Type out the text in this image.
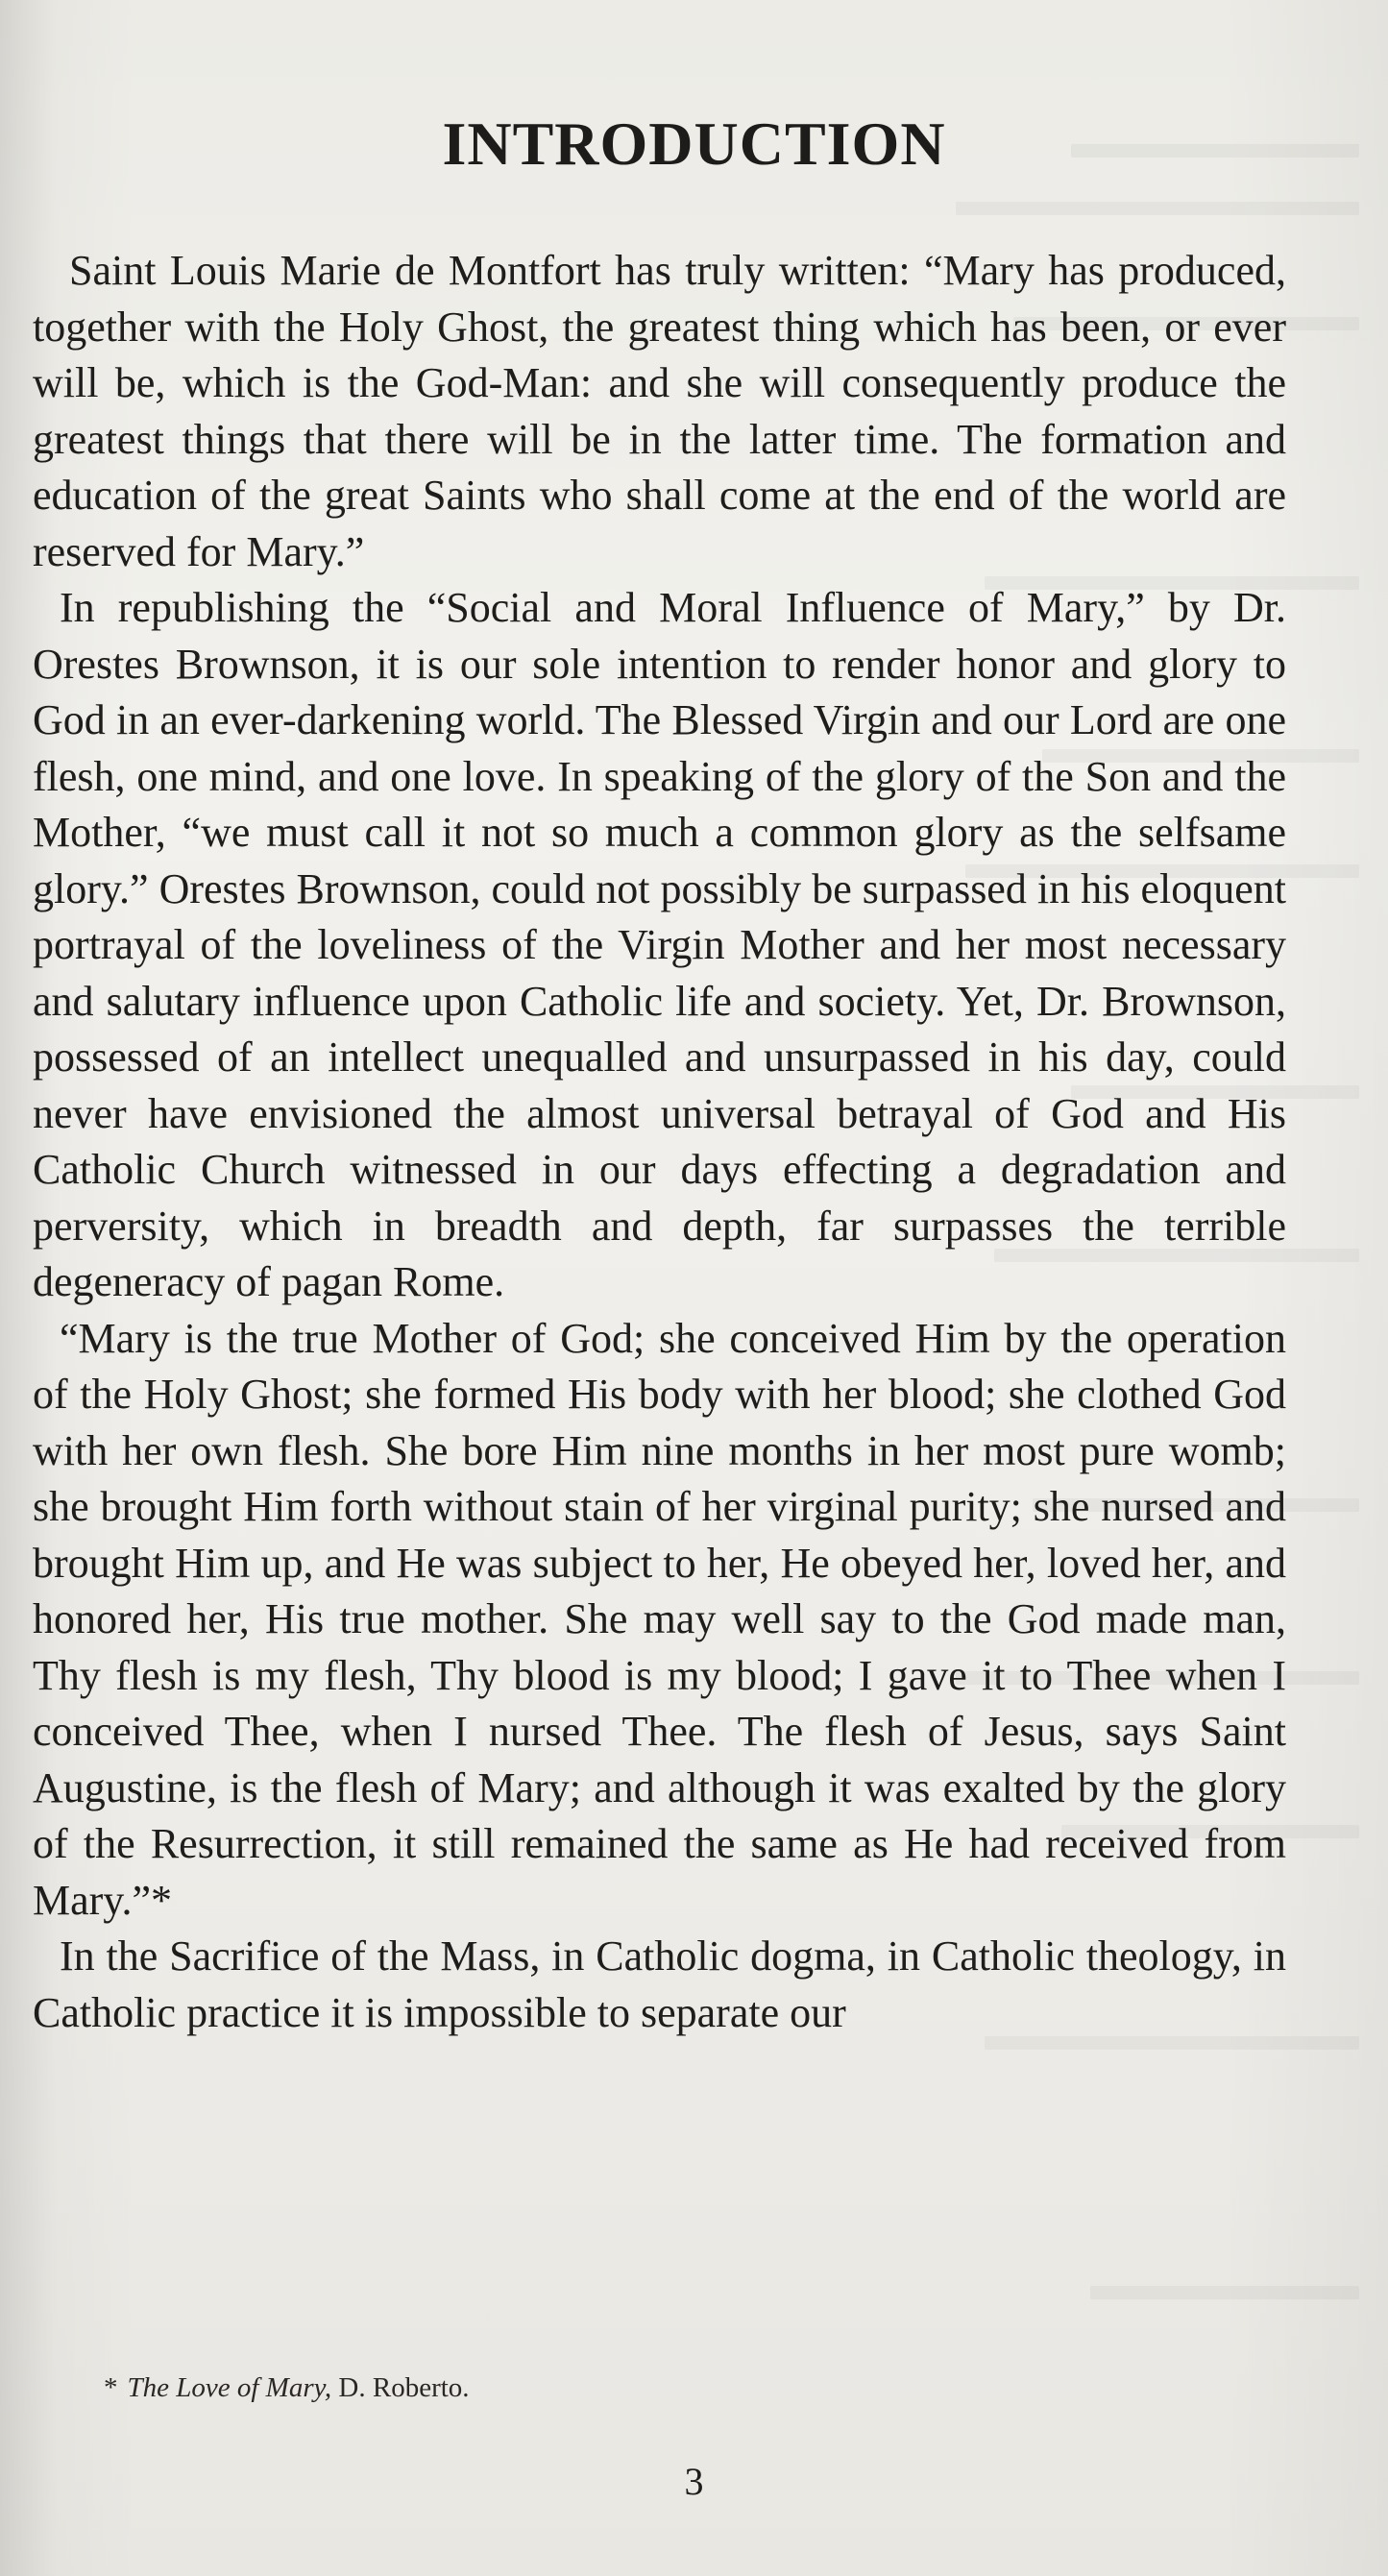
INTRODUCTION

Saint Louis Marie de Montfort has truly written: “Mary has produced, together with the Holy Ghost, the greatest thing which has been, or ever will be, which is the God-Man: and she will consequently produce the greatest things that there will be in the latter time. The formation and education of the great Saints who shall come at the end of the world are reserved for Mary.”

In republishing the “Social and Moral Influence of Mary,” by Dr. Orestes Brownson, it is our sole intention to render honor and glory to God in an ever-darkening world. The Blessed Virgin and our Lord are one flesh, one mind, and one love. In speaking of the glory of the Son and the Mother, “we must call it not so much a common glory as the selfsame glory.” Orestes Brownson, could not possibly be surpassed in his eloquent portrayal of the loveliness of the Virgin Mother and her most necessary and salutary influence upon Catholic life and society. Yet, Dr. Brownson, possessed of an intellect unequalled and unsurpassed in his day, could never have envisioned the almost universal betrayal of God and His Catholic Church witnessed in our days effecting a degradation and perversity, which in breadth and depth, far surpasses the terrible degeneracy of pagan Rome.

“Mary is the true Mother of God; she conceived Him by the operation of the Holy Ghost; she formed His body with her blood; she clothed God with her own flesh. She bore Him nine months in her most pure womb; she brought Him forth without stain of her virginal purity; she nursed and brought Him up, and He was subject to her, He obeyed her, loved her, and honored her, His true mother. She may well say to the God made man, Thy flesh is my flesh, Thy blood is my blood; I gave it to Thee when I conceived Thee, when I nursed Thee. The flesh of Jesus, says Saint Augustine, is the flesh of Mary; and although it was exalted by the glory of the Resurrection, it still remained the same as He had received from Mary.”*

In the Sacrifice of the Mass, in Catholic dogma, in Catholic theology, in Catholic practice it is impossible to separate our

* The Love of Mary, D. Roberto.
3
